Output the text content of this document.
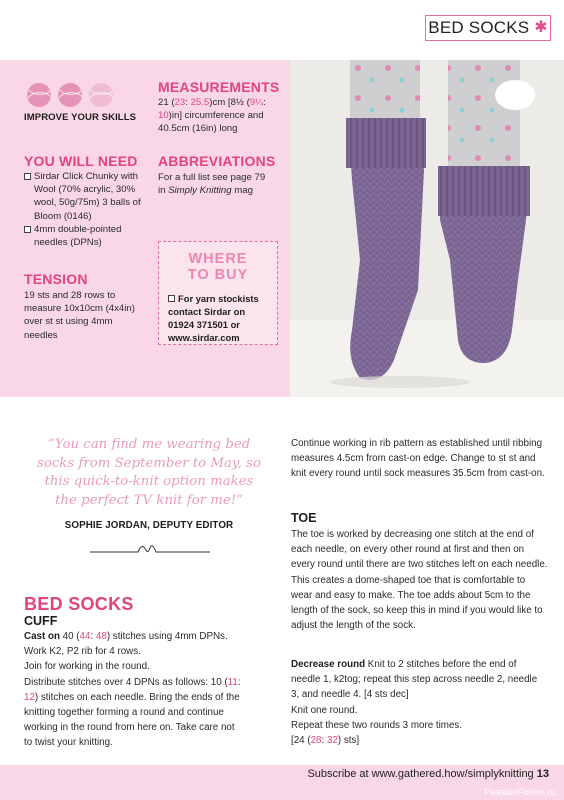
BED SOCKS ✱
IMPROVE YOUR SKILLS
YOU WILL NEED
Sirdar Click Chunky with Wool (70% acrylic, 30% wool, 50g/75m) 3 balls of Bloom (0146)
4mm double-pointed needles (DPNs)
TENSION
19 sts and 28 rows to measure 10x10cm (4x4in) over st st using 4mm needles
MEASUREMENTS
21 (23: 25.5)cm [8½ (9¼:
10)in] circumference and
40.5cm (16in) long
ABBREVIATIONS
For a full list see page 79
in Simply Knitting mag
WHERE
TO BUY
For yarn stockists
contact Sirdar on
01924 371501 or
www.sirdar.com
“You can find me wearing bed
socks from September to May, so
this quick-to-knit option makes
the perfect TV knit for me!”
SOPHIE JORDAN, DEPUTY EDITOR
BED SOCKS
CUFF

Cast on 40 (44: 48) stitches using 4mm DPNs.

Work K2, P2 rib for 4 rows.

Join for working in the round.

Distribute stitches over 4 DPNs as follows: 10 (11:
12) stitches on each needle. Bring the ends of the

knitting together forming a round and continue

working in the round from here on. Take care not

to twist your knitting.

Continue working in rib pattern as established until ribbing measures 4.5cm from cast-on edge. Change to st st and knit every round until sock measures 35.5cm from cast-on.
TOE
The toe is worked by decreasing one stitch at the end of each needle, on every other round at first and then on every round until there are two stitches left on each needle. This creates a dome-shaped toe that is comfortable to wear and easy to make. The toe adds about 5cm to the length of the sock, so keep this in mind if you would like to adjust the length of the sock.

Decrease round Knit to 2 stitches before the end of needle 1, k2tog; repeat this step across needle 2, needle 3, and needle 4. [4 sts dec]

Knit one round.

Repeat these two rounds 3 more times.

[24 (28: 32) sts]

Subscribe at www.gathered.how/simplyknitting 13
PassionForum.ru
